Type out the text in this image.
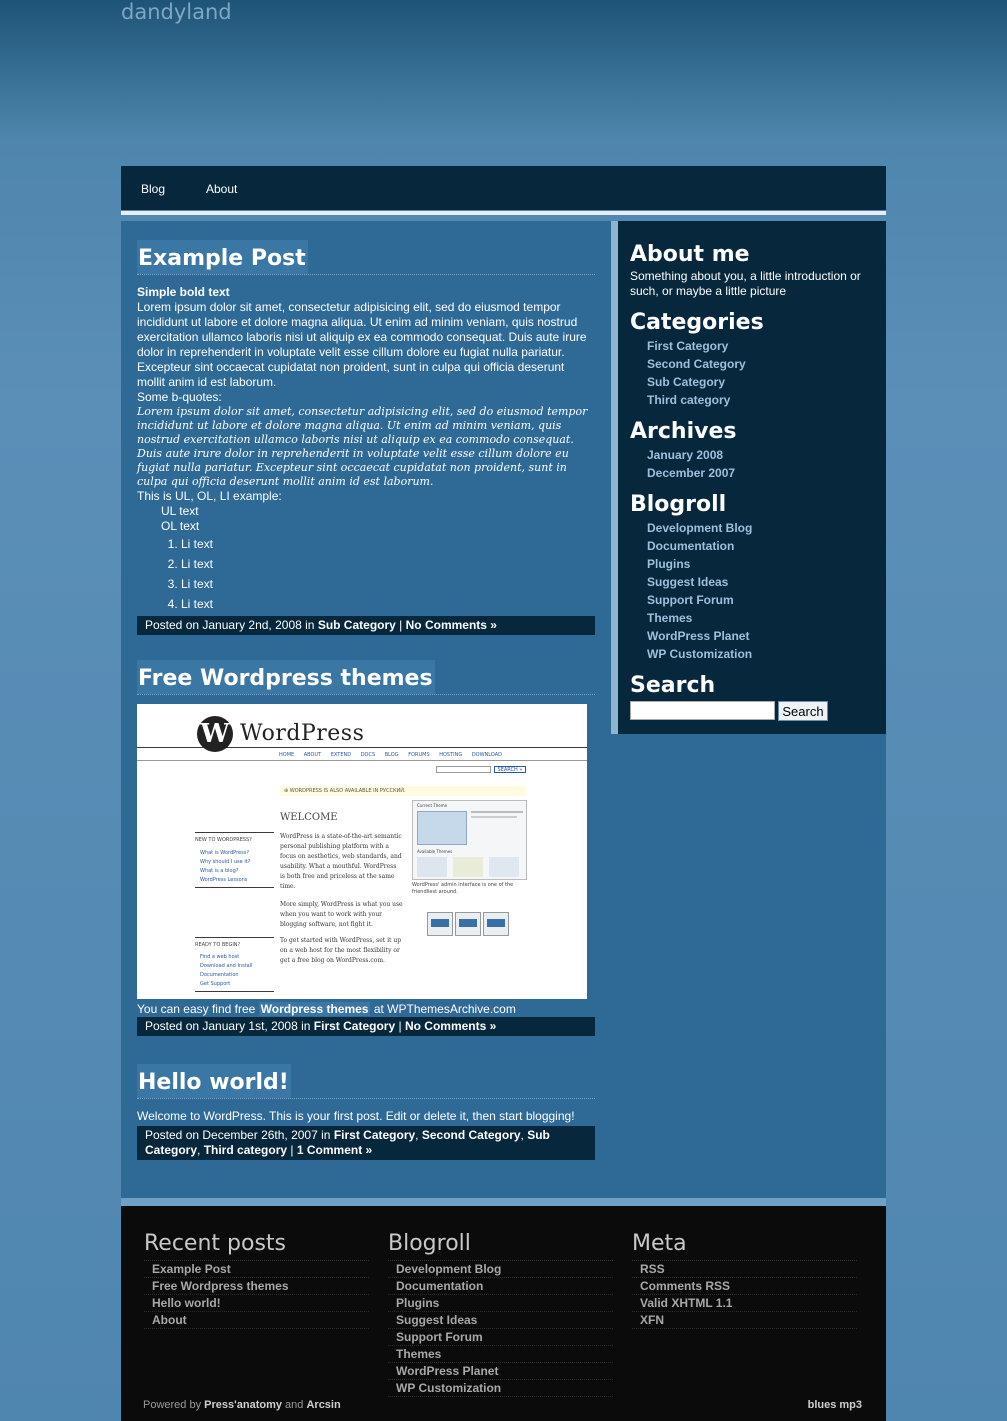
dandyland
Blog	About
Example Post
Simple bold text
Lorem ipsum dolor sit amet, consectetur adipisicing elit, sed do eiusmod tempor incididunt ut labore et dolore magna aliqua. Ut enim ad minim veniam, quis nostrud exercitation ullamco laboris nisi ut aliquip ex ea commodo consequat. Duis aute irure dolor in reprehenderit in voluptate velit esse cillum dolore eu fugiat nulla pariatur. Excepteur sint occaecat cupidatat non proident, sunt in culpa qui officia deserunt mollit anim id est laborum.
Some b-quotes:
Lorem ipsum dolor sit amet, consectetur adipisicing elit, sed do eiusmod tempor incididunt ut labore et dolore magna aliqua. Ut enim ad minim veniam, quis nostrud exercitation ullamco laboris nisi ut aliquip ex ea commodo consequat. Duis aute irure dolor in reprehenderit in voluptate velit esse cillum dolore eu fugiat nulla pariatur. Excepteur sint occaecat cupidatat non proident, sunt in culpa qui officia deserunt mollit anim id est laborum.
This is UL, OL, LI example:
UL text
OL text
1. Li text
2. Li text
3. Li text
4. Li text
Posted on January 2nd, 2008 in Sub Category | No Comments »
Free Wordpress themes
W WordPress
HOME ABOUT EXTEND DOCS BLOG FORUMS HOSTING DOWNLOAD
SEARCH »
⊕ WORDPRESS IS ALSO AVAILABLE IN РУССКИЙ.
WELCOME
WordPress is a state-of-the-art semantic personal publishing platform with a focus on aesthetics, web standards, and usability. What a mouthful. WordPress is both free and priceless at the same time.
More simply, WordPress is what you use when you want to work with your blogging software, not fight it.
To get started with WordPress, set it up on a web host for the most flexibility or get a free blog on WordPress.com.
NEW TO WORDPRESS?
What is WordPress?
Why should I use it?
What is a blog?
WordPress Lessons
READY TO BEGIN?
Find a web host
Download and Install
Documentation
Get Support
Current Theme
Available Themes
WordPress' admin interface is one of the friendliest around.
You can easy find free Wordpress themes at WPThemesArchive.com
Posted on January 1st, 2008 in First Category | No Comments »
Hello world!
Welcome to WordPress. This is your first post. Edit or delete it, then start blogging!
Posted on December 26th, 2007 in First Category, Second Category, Sub Category, Third category | 1 Comment »
About me
Something about you, a little introduction or such, or maybe a little picture
Categories
First Category
Second Category
Sub Category
Third category
Archives
January 2008
December 2007
Blogroll
Development Blog
Documentation
Plugins
Suggest Ideas
Support Forum
Themes
WordPress Planet
WP Customization
Search
Search
Recent posts
Example Post
Free Wordpress themes
Hello world!
About
Blogroll
Development Blog
Documentation
Plugins
Suggest Ideas
Support Forum
Themes
WordPress Planet
WP Customization
Meta
RSS
Comments RSS
Valid XHTML 1.1
XFN
Powered by Press'anatomy and Arcsin	blues mp3
